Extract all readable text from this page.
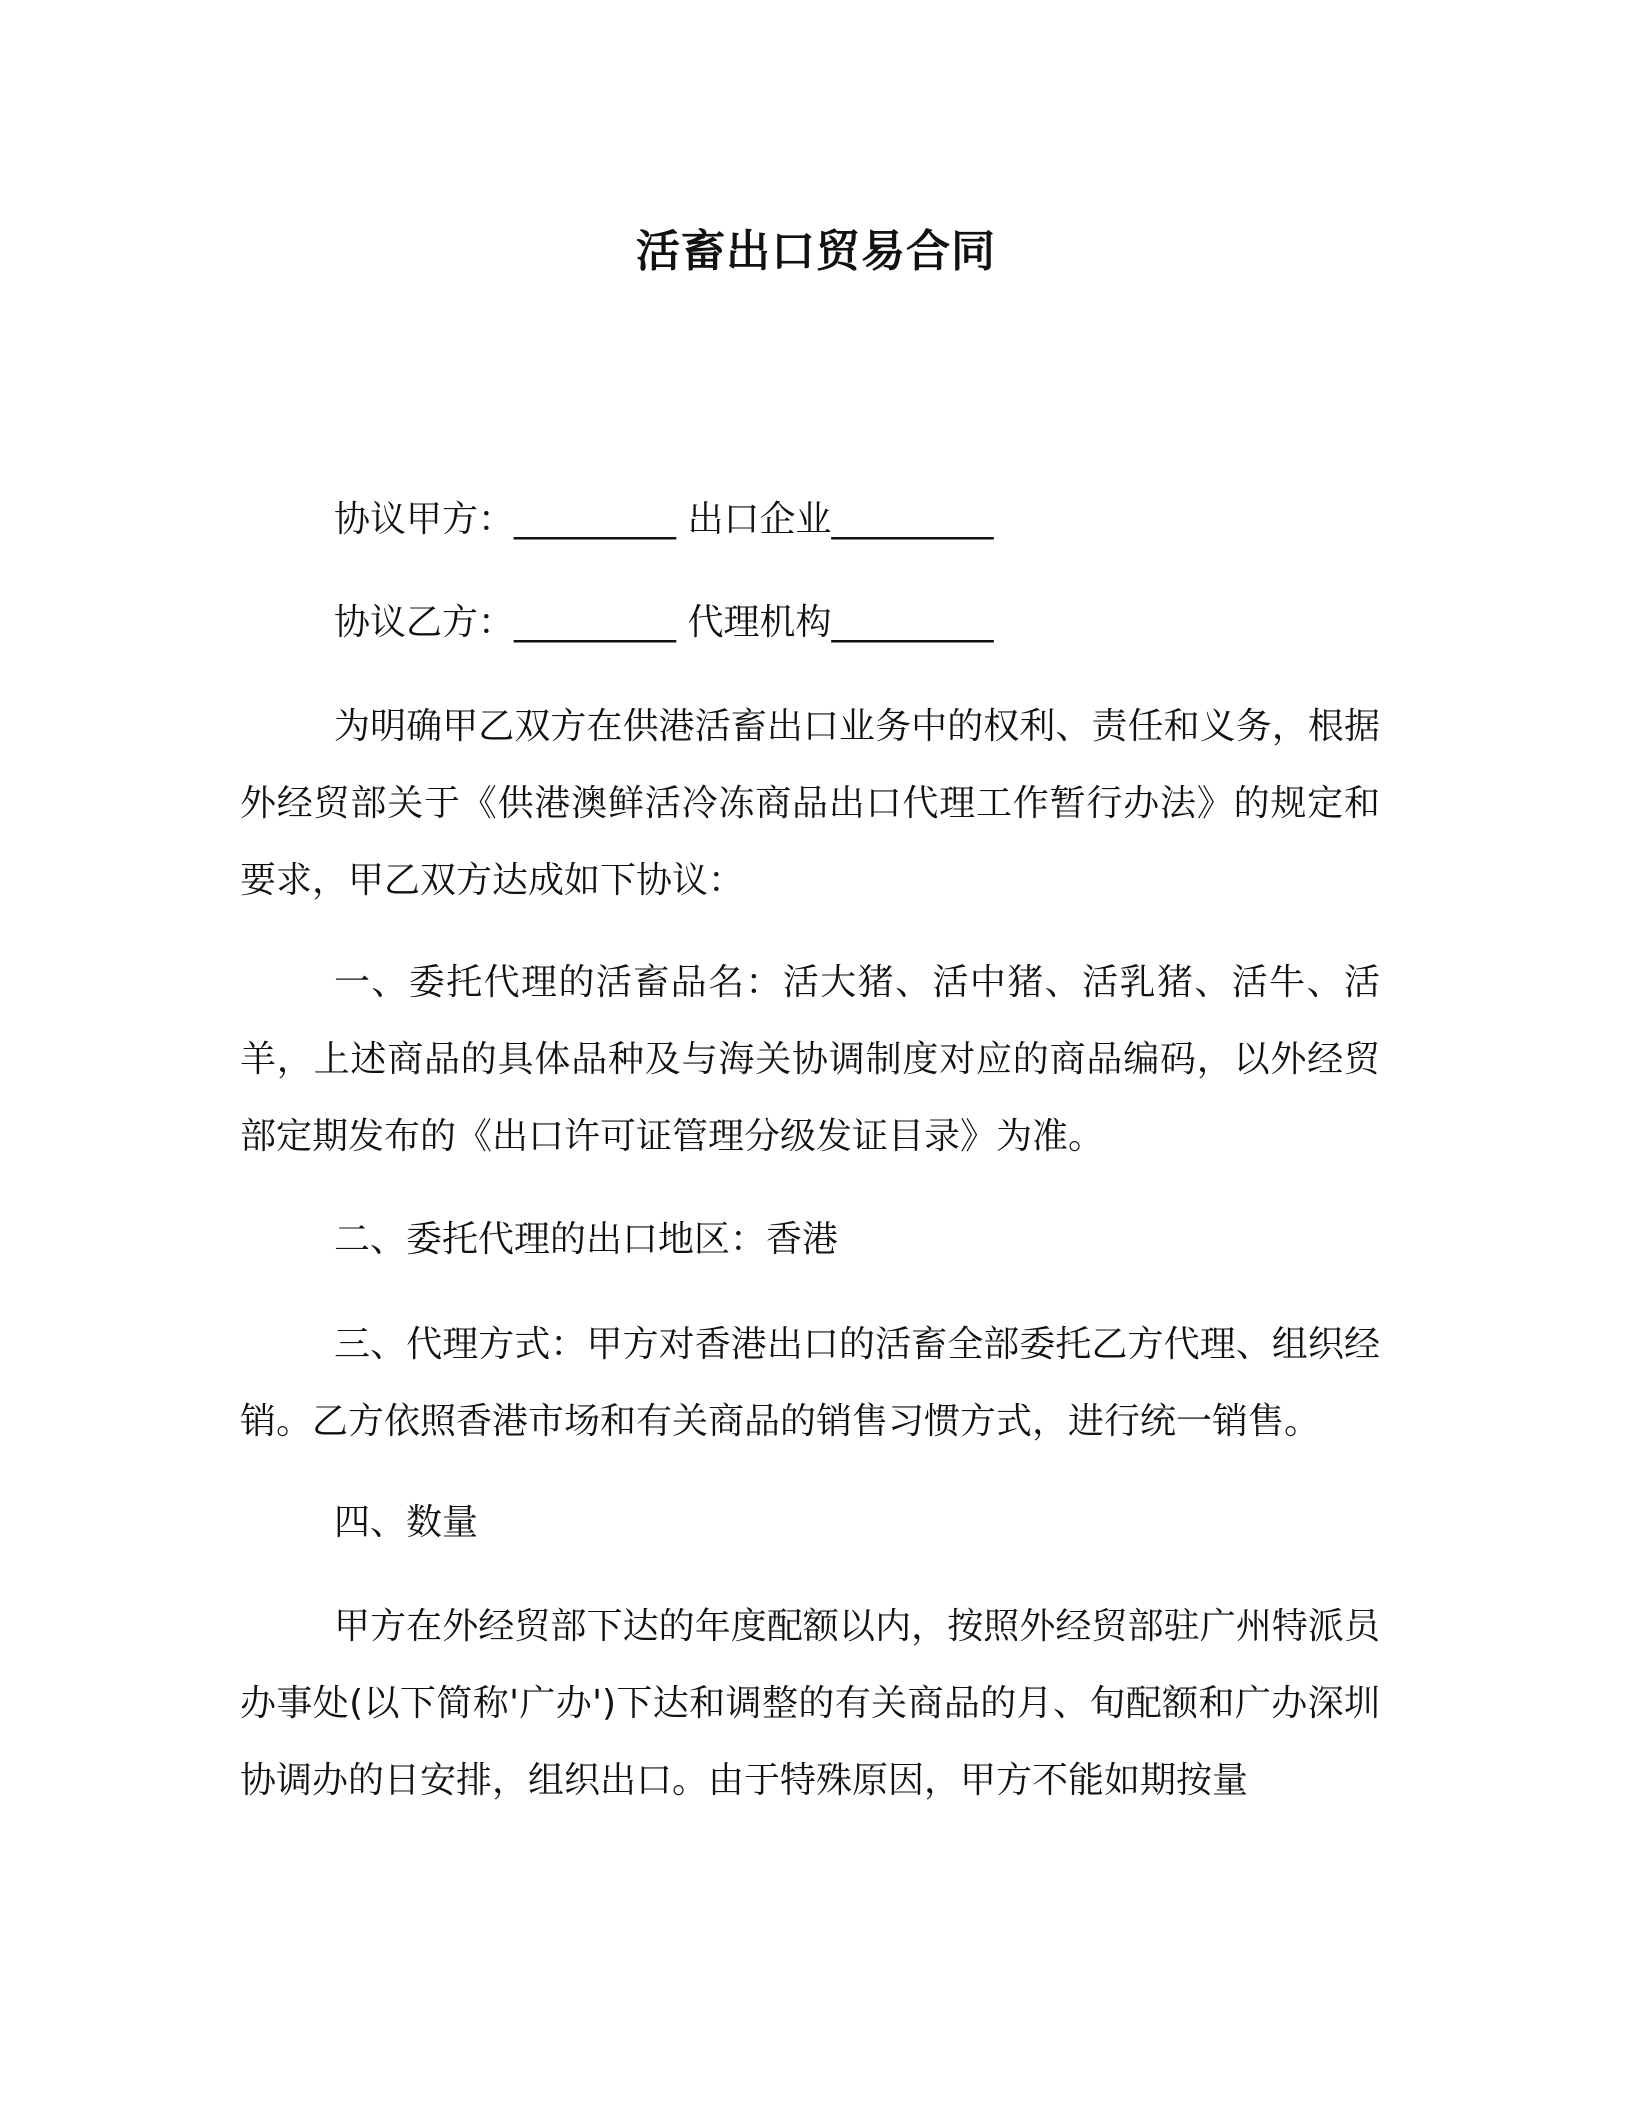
活畜出口贸易合同
协议甲方：_________ 出口企业_________
协议乙方：_________ 代理机构_________
为明确甲乙双方在供港活畜出口业务中的权利、责任和义务，根据外经贸部关于《供港澳鲜活冷冻商品出口代理工作暂行办法》的规定和要求，甲乙双方达成如下协议：
一、委托代理的活畜品名：活大猪、活中猪、活乳猪、活牛、活羊，上述商品的具体品种及与海关协调制度对应的商品编码，以外经贸部定期发布的《出口许可证管理分级发证目录》为准。
二、委托代理的出口地区：香港
三、代理方式：甲方对香港出口的活畜全部委托乙方代理、组织经销。乙方依照香港市场和有关商品的销售习惯方式，进行统一销售。
四、数量
甲方在外经贸部下达的年度配额以内，按照外经贸部驻广州特派员办事处(以下简称'广办')下达和调整的有关商品的月、旬配额和广办深圳协调办的日安排，组织出口。由于特殊原因，甲方不能如期按量
